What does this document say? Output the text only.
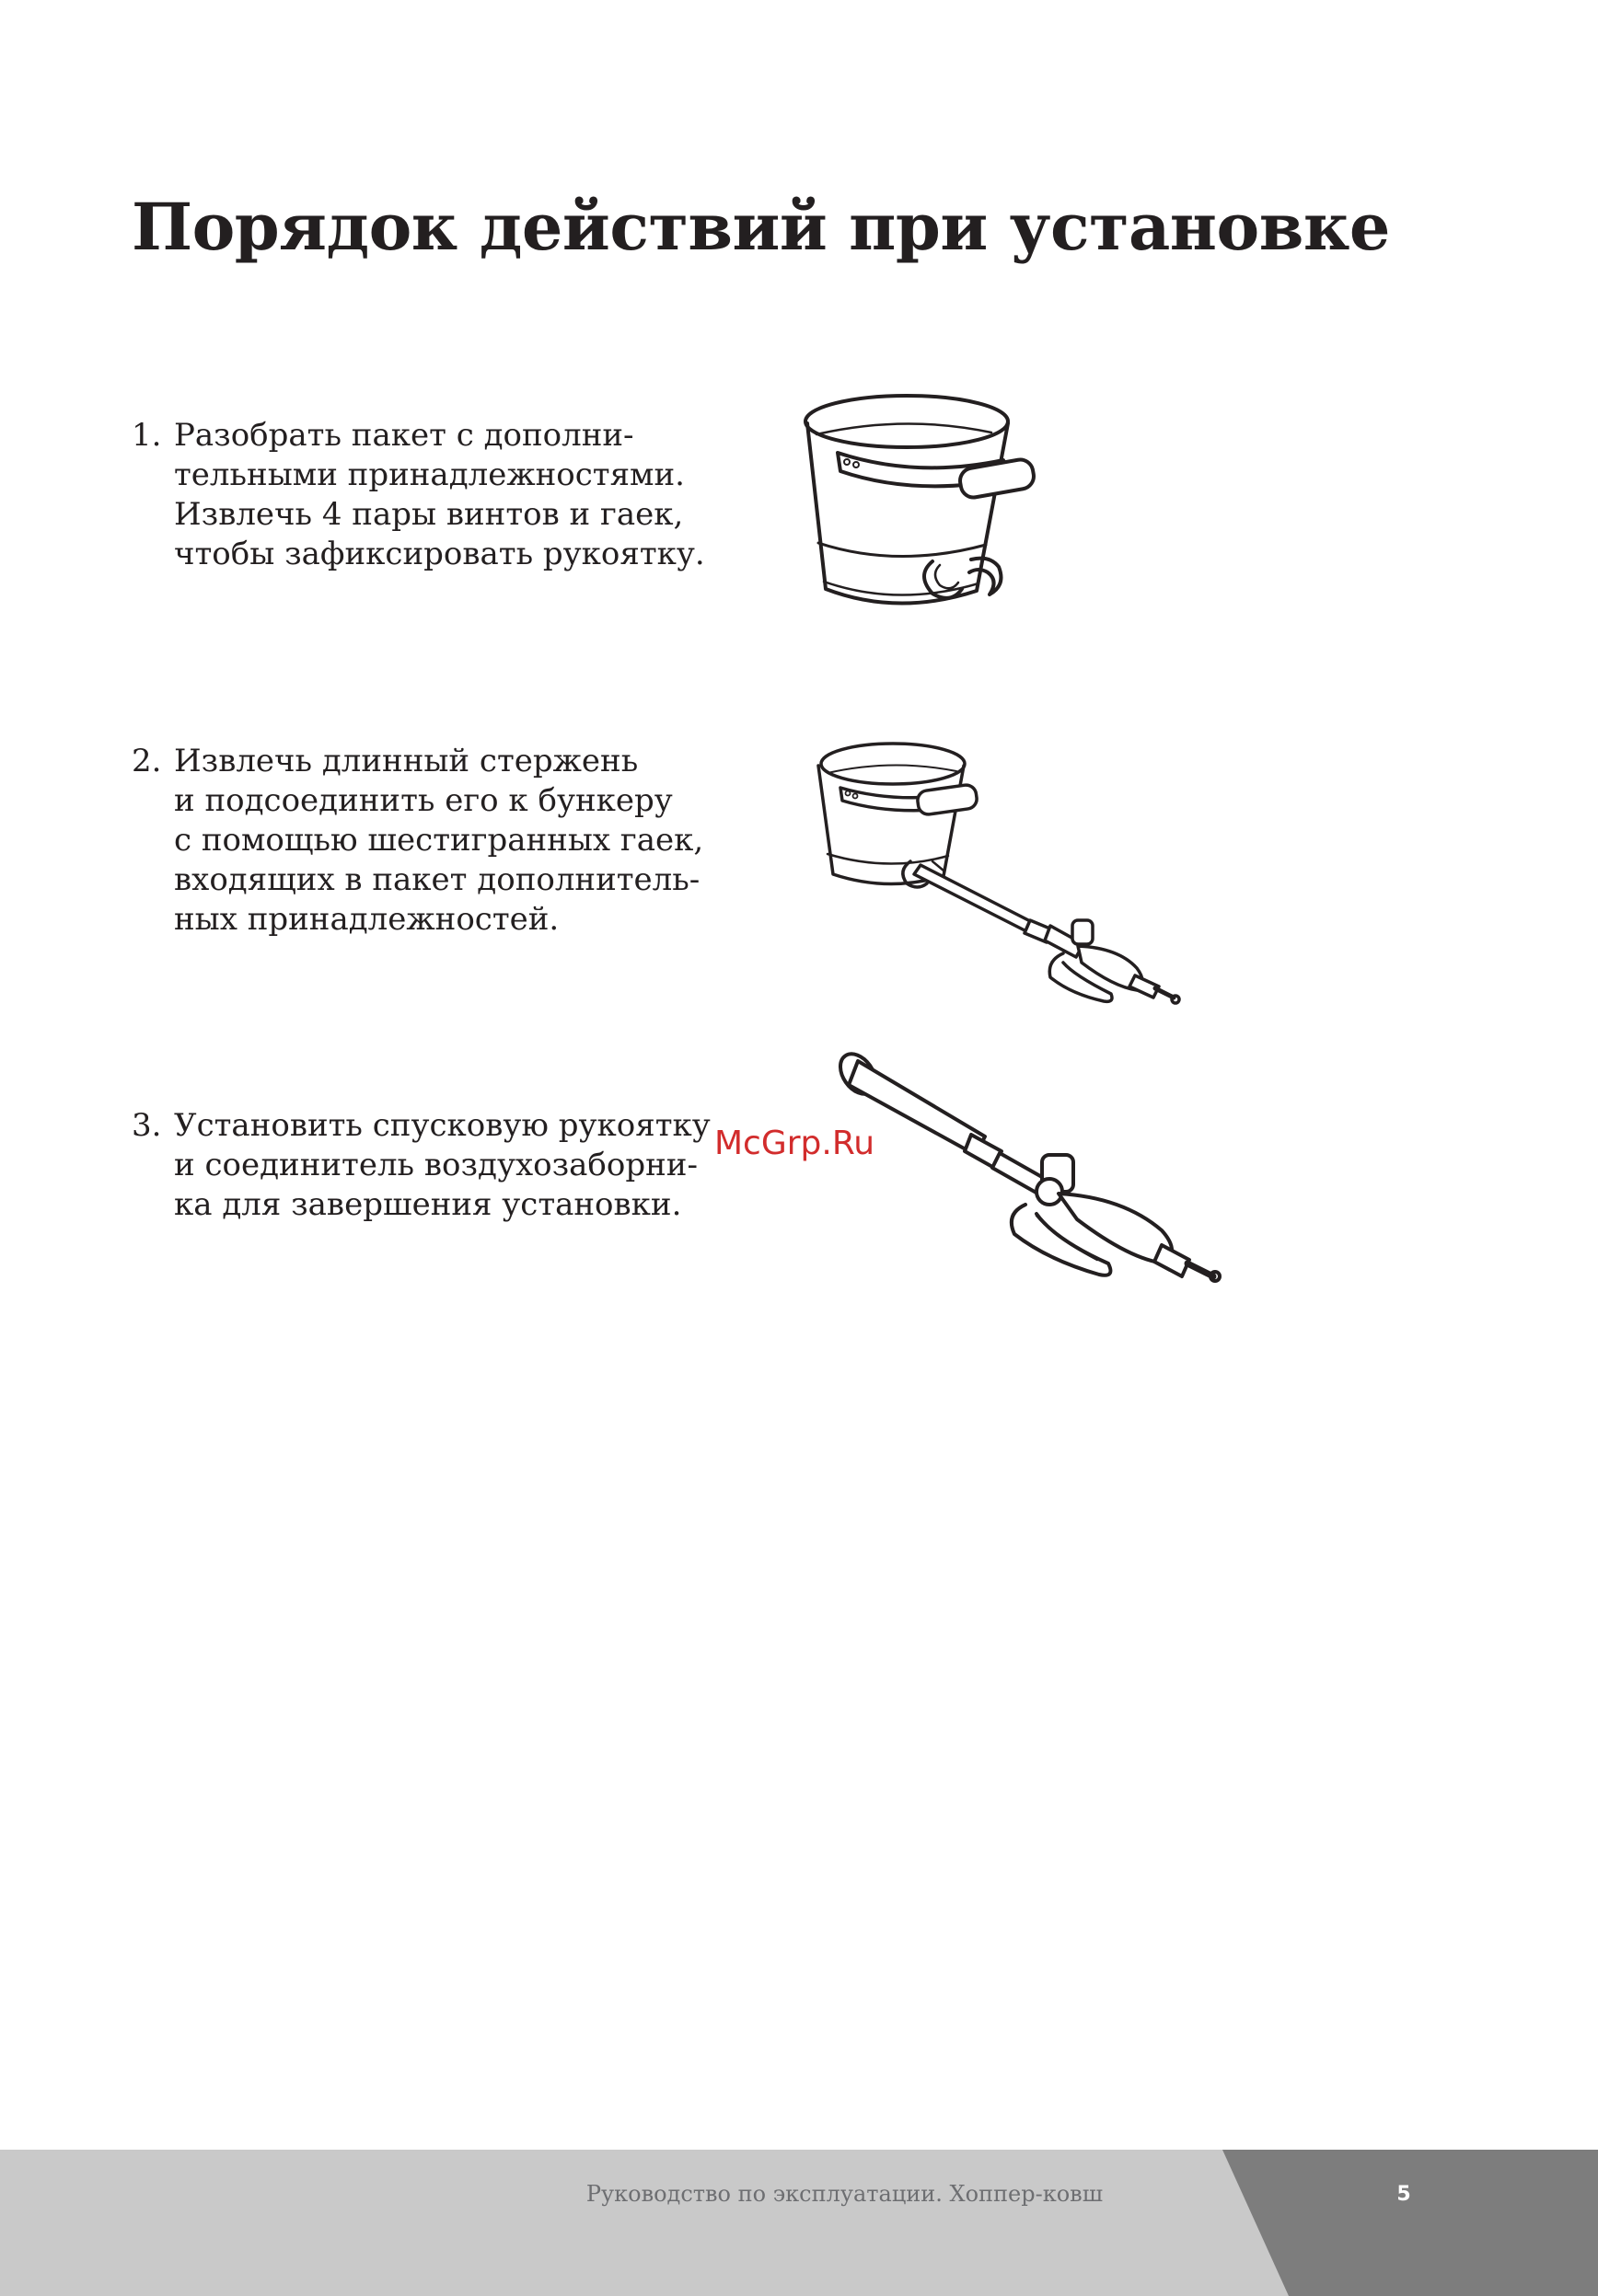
Порядок действий при установке
1. Разобрать пакет с дополни-
тельными принадлежностями.
Извлечь 4 пары винтов и гаек,
чтобы зафиксировать рукоятку.
2. Извлечь длинный стержень
и подсоединить его к бункеру
с помощью шестигранных гаек,
входящих в пакет дополнитель-
ных принадлежностей.
3. Установить спусковую рукоятку
и соединитель воздухозаборни-
ка для завершения установки.
McGrp.Ru
Руководство по эксплуатации. Хоппер-ковш	5
